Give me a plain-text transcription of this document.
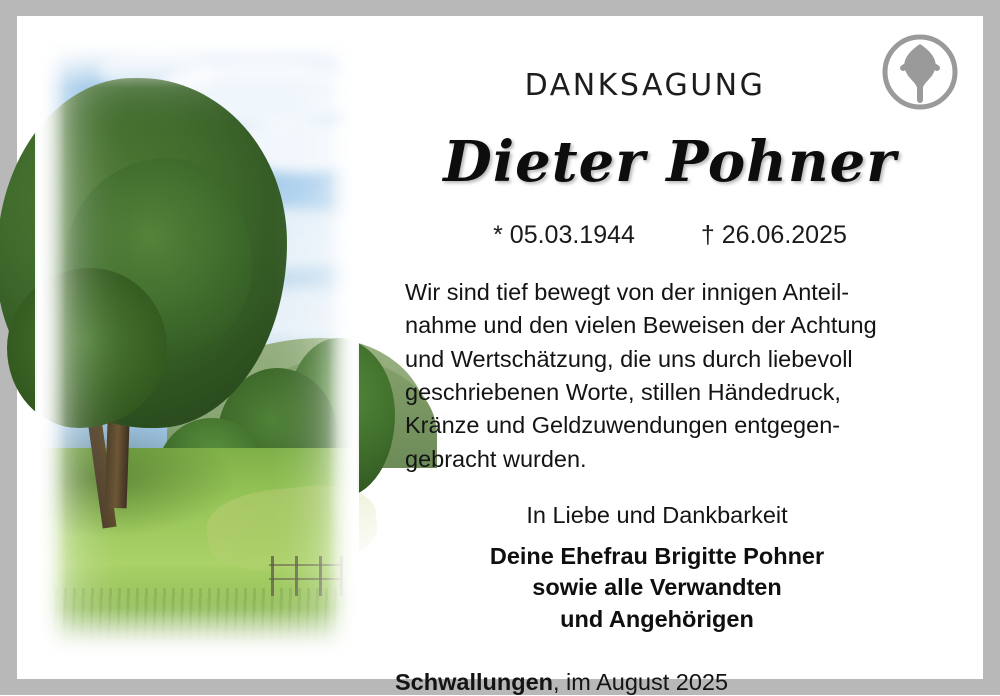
DANKSAGUNG
Dieter Pohner
* 05.03.1944	† 26.06.2025

Wir sind tief bewegt von der innigen Anteil-

nahme und den vielen Beweisen der Achtung

und Wertschätzung, die uns durch liebevoll

geschriebenen Worte, stillen Händedruck,

Kränze und Geldzuwendungen entgegen-

gebracht wurden.

In Liebe und Dankbarkeit
Deine Ehefrau Brigitte Pohner
sowie alle Verwandten
und Angehörigen
Schwallungen, im August 2025
